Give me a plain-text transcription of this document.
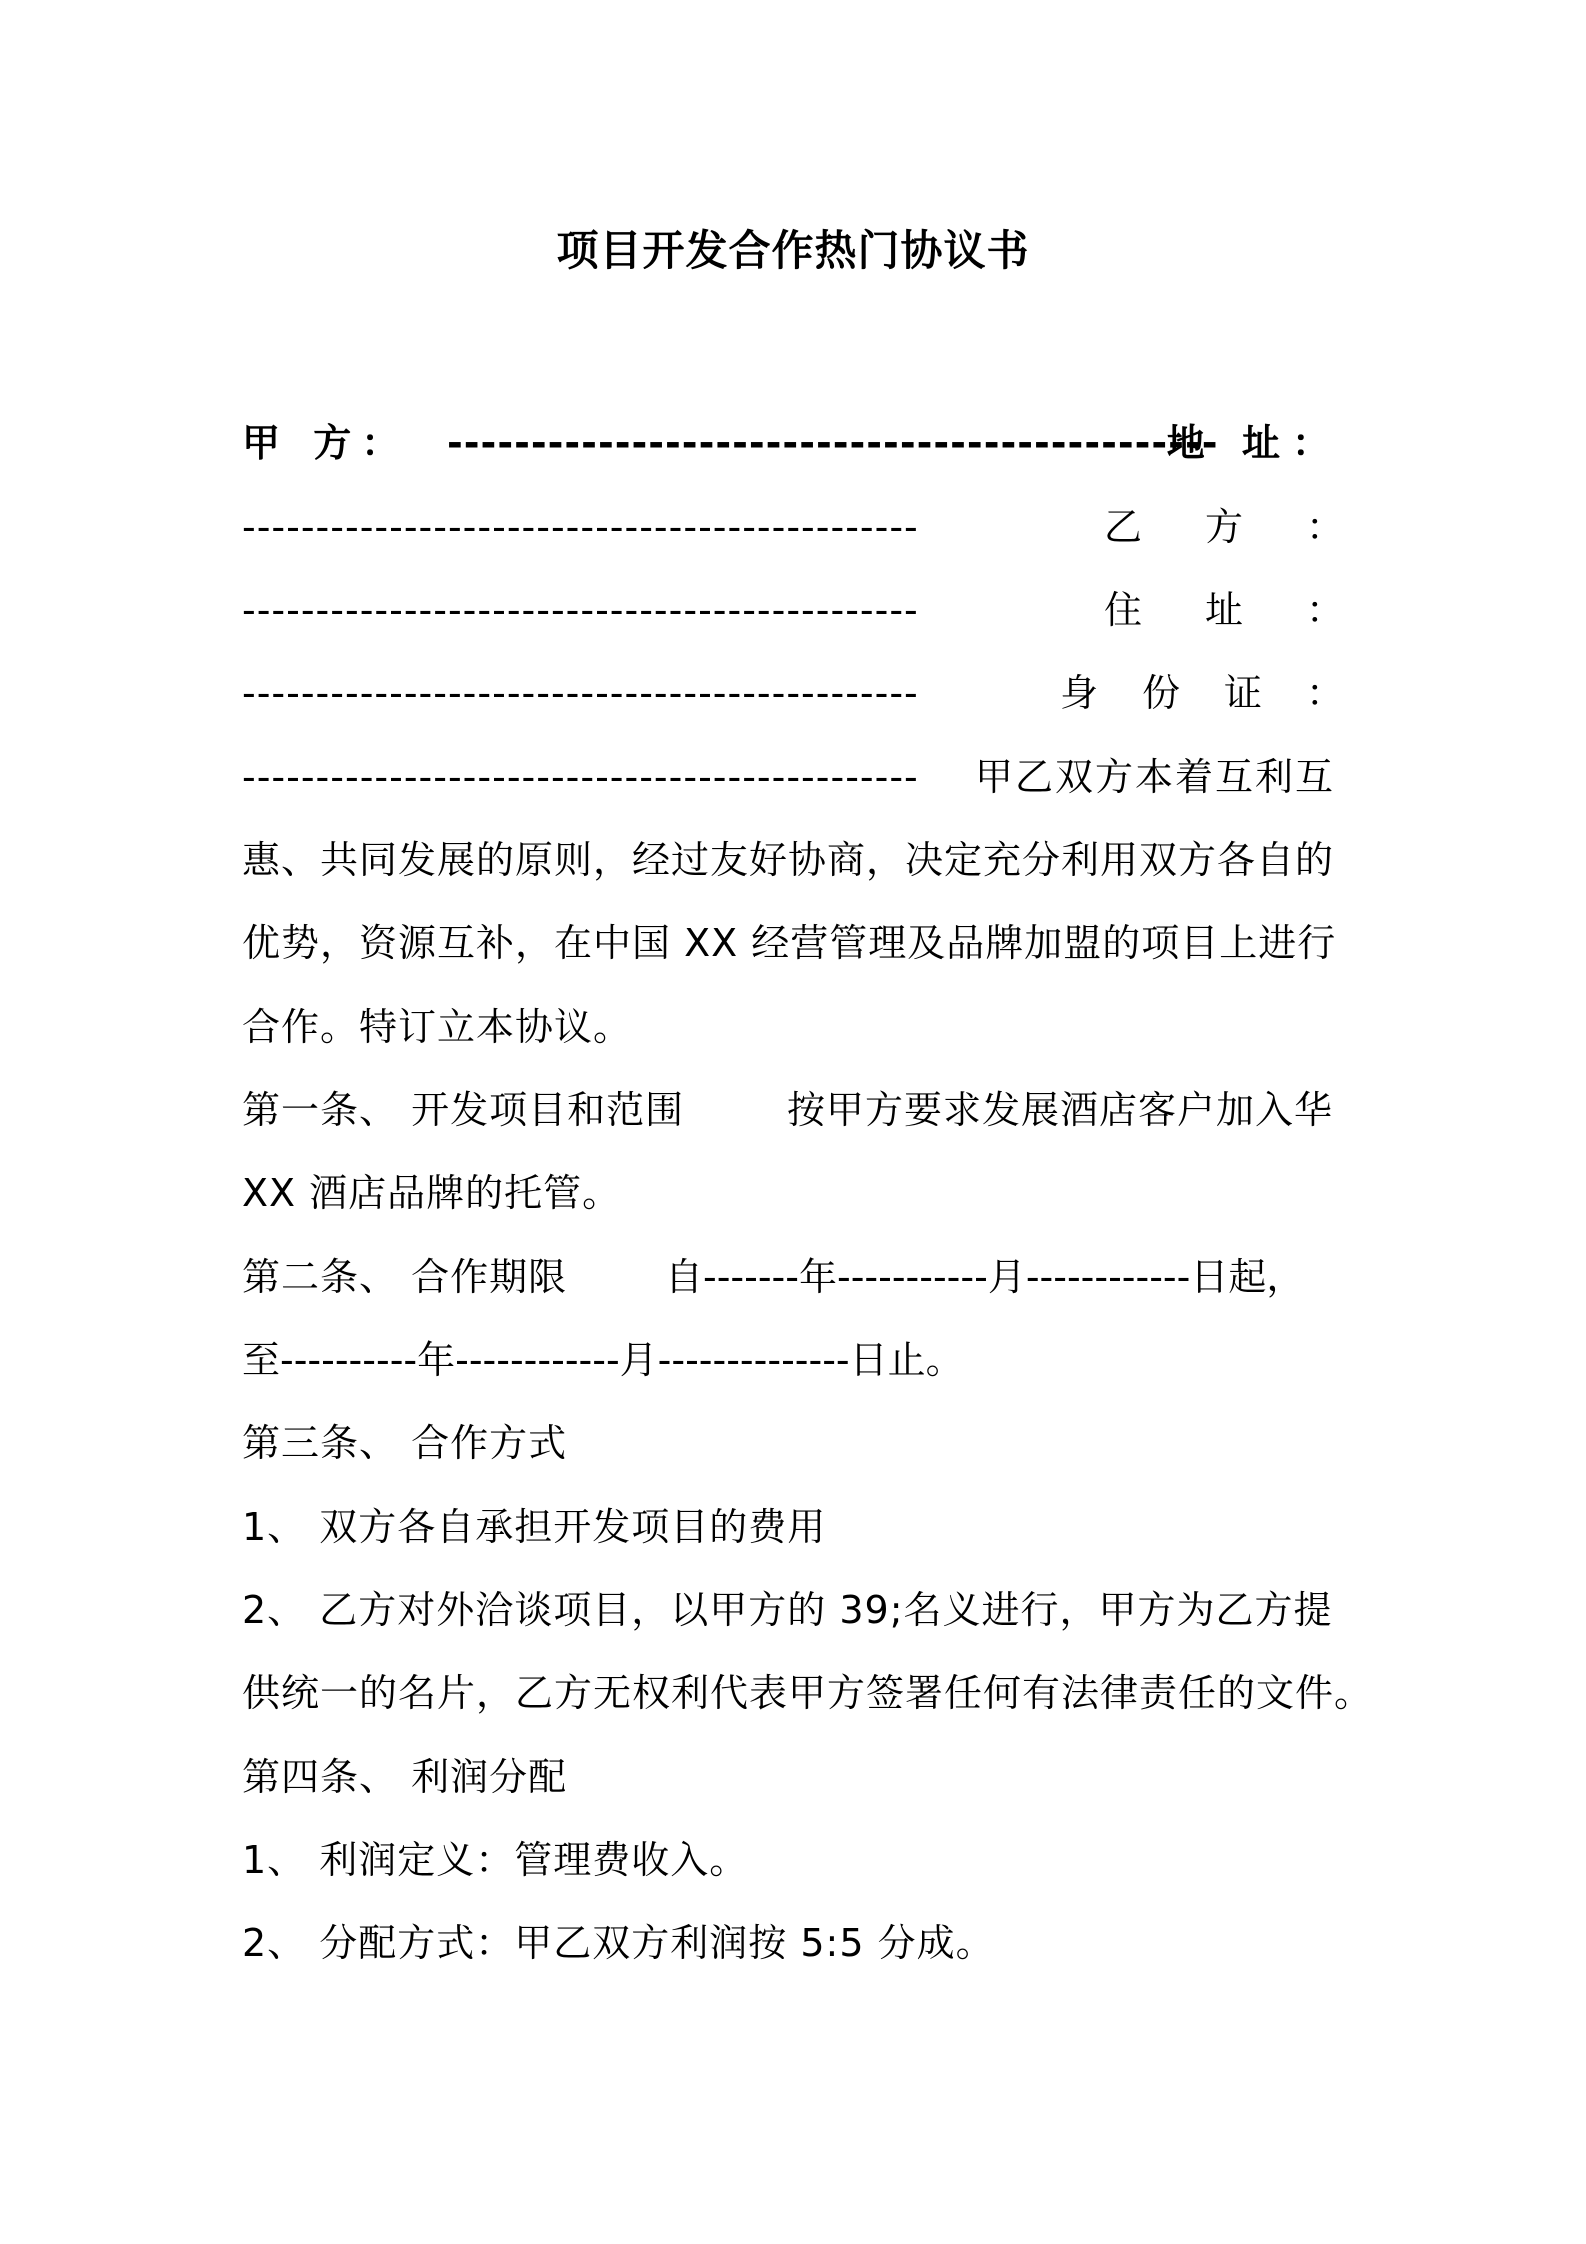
项目开发合作热门协议书
甲 方： ----------------------------------------------
地 址：
----------------------------------------------	乙 方 ：
----------------------------------------------	住 址 ：
----------------------------------------------	身 份 证 ：
---------------------------------------------- 甲乙双方本着互利互
惠、共同发展的原则，经过友好协商，决定充分利用双方各自的
优势，资源互补，在中国 XX 经营管理及品牌加盟的项目上进行
合作。特订立本协议。
第一条、 开发项目和范围	按甲方要求发展酒店客户加入华
XX 酒店品牌的托管。
第二条、 合作期限	自-------年-----------月------------日起，
至----------年------------月--------------日止。
第三条、 合作方式
1、 双方各自承担开发项目的费用
2、 乙方对外洽谈项目，以甲方的 39;名义进行，甲方为乙方提
供统一的名片，乙方无权利代表甲方签署任何有法律责任的文件。
第四条、 利润分配
1、 利润定义：管理费收入。
2、 分配方式：甲乙双方利润按 5:5 分成。
